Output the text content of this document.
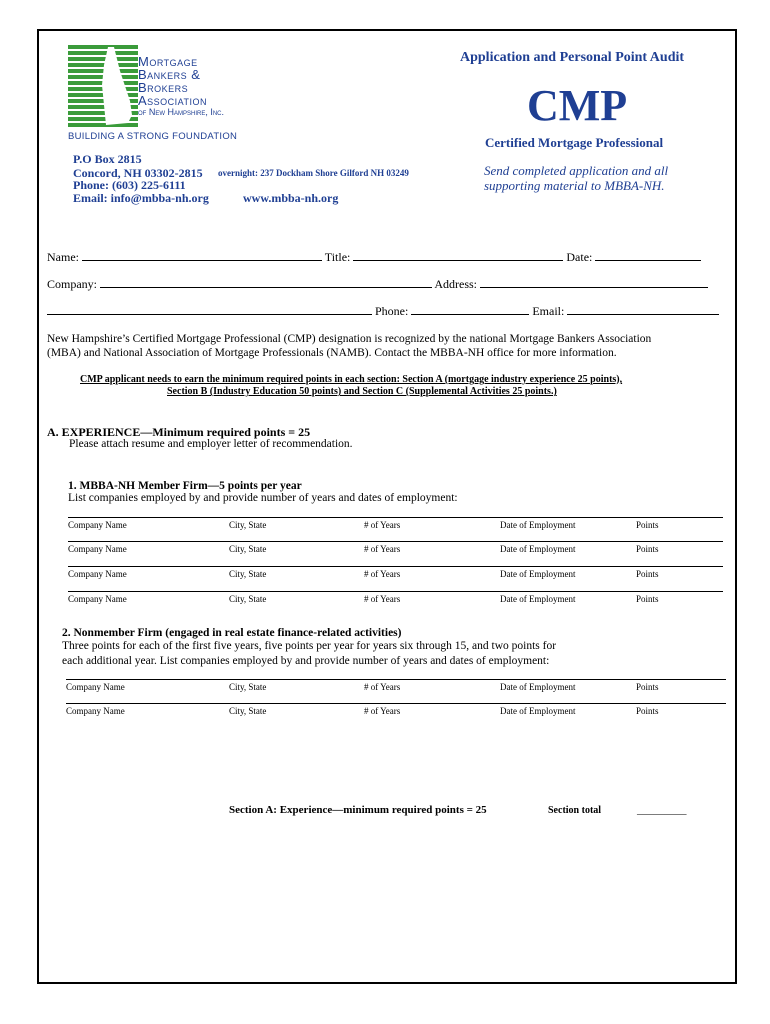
Mortgage
Bankers &
Brokers
Association
of New Hampshire, Inc.
BUILDING A STRONG FOUNDATION
P.O Box 2815
Concord, NH 03302-2815 overnight: 237 Dockham Shore Gilford NH 03249
Phone: (603) 225-6111
Email: info@mbba-nh.org	www.mbba-nh.org
Application and Personal Point Audit
CMP
Certified Mortgage Professional
Send completed application and all
supporting material to MBBA-NH.
Name:	Title:	Date:
Company:	Address:
Phone:	Email:
New Hampshire’s Certified Mortgage Professional (CMP) designation is recognized by the national Mortgage Bankers Association
(MBA) and National Association of Mortgage Professionals (NAMB). Contact the MBBA-NH office for more information.
CMP applicant needs to earn the minimum required points in each section: Section A (mortgage industry experience 25 points),
Section B (Industry Education 50 points) and Section C (Supplemental Activities 25 points.)
A. EXPERIENCE—Minimum required points = 25
Please attach resume and employer letter of recommendation.
1. MBBA-NH Member Firm—5 points per year
List companies employed by and provide number of years and dates of employment:
Company Name	City, State	# of Years	Date of Employment	Points
Company Name	City, State	# of Years	Date of Employment	Points
Company Name	City, State	# of Years	Date of Employment	Points
Company Name	City, State	# of Years	Date of Employment	Points
2. Nonmember Firm (engaged in real estate finance-related activities)
Three points for each of the first five years, five points per year for years six through 15, and two points for
each additional year. List companies employed by and provide number of years and dates of employment:
Company Name	City, State	# of Years	Date of Employment	Points
Company Name	City, State	# of Years	Date of Employment	Points
Section A: Experience—minimum required points = 25	Section total	_________
